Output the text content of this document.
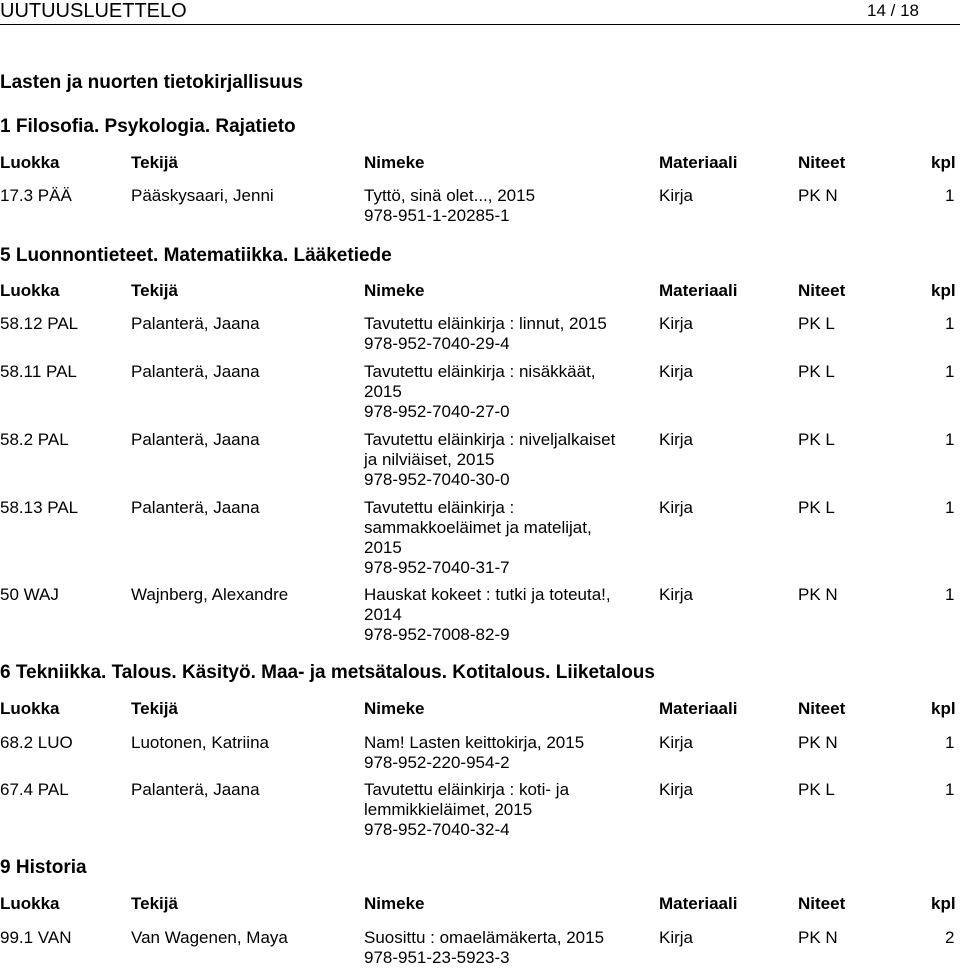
UUTUUSLUETTELO	14 / 18
Lasten ja nuorten tietokirjallisuus
1 Filosofia. Psykologia. Rajatieto
Luokka	Tekijä	Nimeke	Materiaali	Niteet	kpl
17.3 PÄÄ	Pääskysaari, Jenni	Tyttö, sinä olet..., 2015
978-951-1-20285-1
Kirja	PK N	1
5 Luonnontieteet. Matematiikka. Lääketiede
Luokka	Tekijä	Nimeke	Materiaali	Niteet	kpl
58.12 PAL	Palanterä, Jaana	Tavutettu eläinkirja : linnut, 2015
978-952-7040-29-4
Kirja	PK L	1
58.11 PAL	Palanterä, Jaana	Tavutettu eläinkirja : nisäkkäät,
2015
978-952-7040-27-0
Kirja	PK L	1
58.2 PAL	Palanterä, Jaana	Tavutettu eläinkirja : niveljalkaiset
ja nilviäiset, 2015
978-952-7040-30-0
Kirja	PK L	1
58.13 PAL	Palanterä, Jaana	Tavutettu eläinkirja :
sammakkoeläimet ja matelijat,
2015
978-952-7040-31-7
Kirja	PK L	1
50 WAJ	Wajnberg, Alexandre	Hauskat kokeet : tutki ja toteuta!,
2014
978-952-7008-82-9
Kirja	PK N	1
6 Tekniikka. Talous. Käsityö. Maa- ja metsätalous. Kotitalous. Liiketalous
Luokka	Tekijä	Nimeke	Materiaali	Niteet	kpl
68.2 LUO	Luotonen, Katriina	Nam! Lasten keittokirja, 2015
978-952-220-954-2
Kirja	PK N	1
67.4 PAL	Palanterä, Jaana	Tavutettu eläinkirja : koti- ja
lemmikkieläimet, 2015
978-952-7040-32-4
Kirja	PK L	1
9 Historia
Luokka	Tekijä	Nimeke	Materiaali	Niteet	kpl
99.1 VAN	Van Wagenen, Maya	Suosittu : omaelämäkerta, 2015
978-951-23-5923-3
Kirja	PK N	2
